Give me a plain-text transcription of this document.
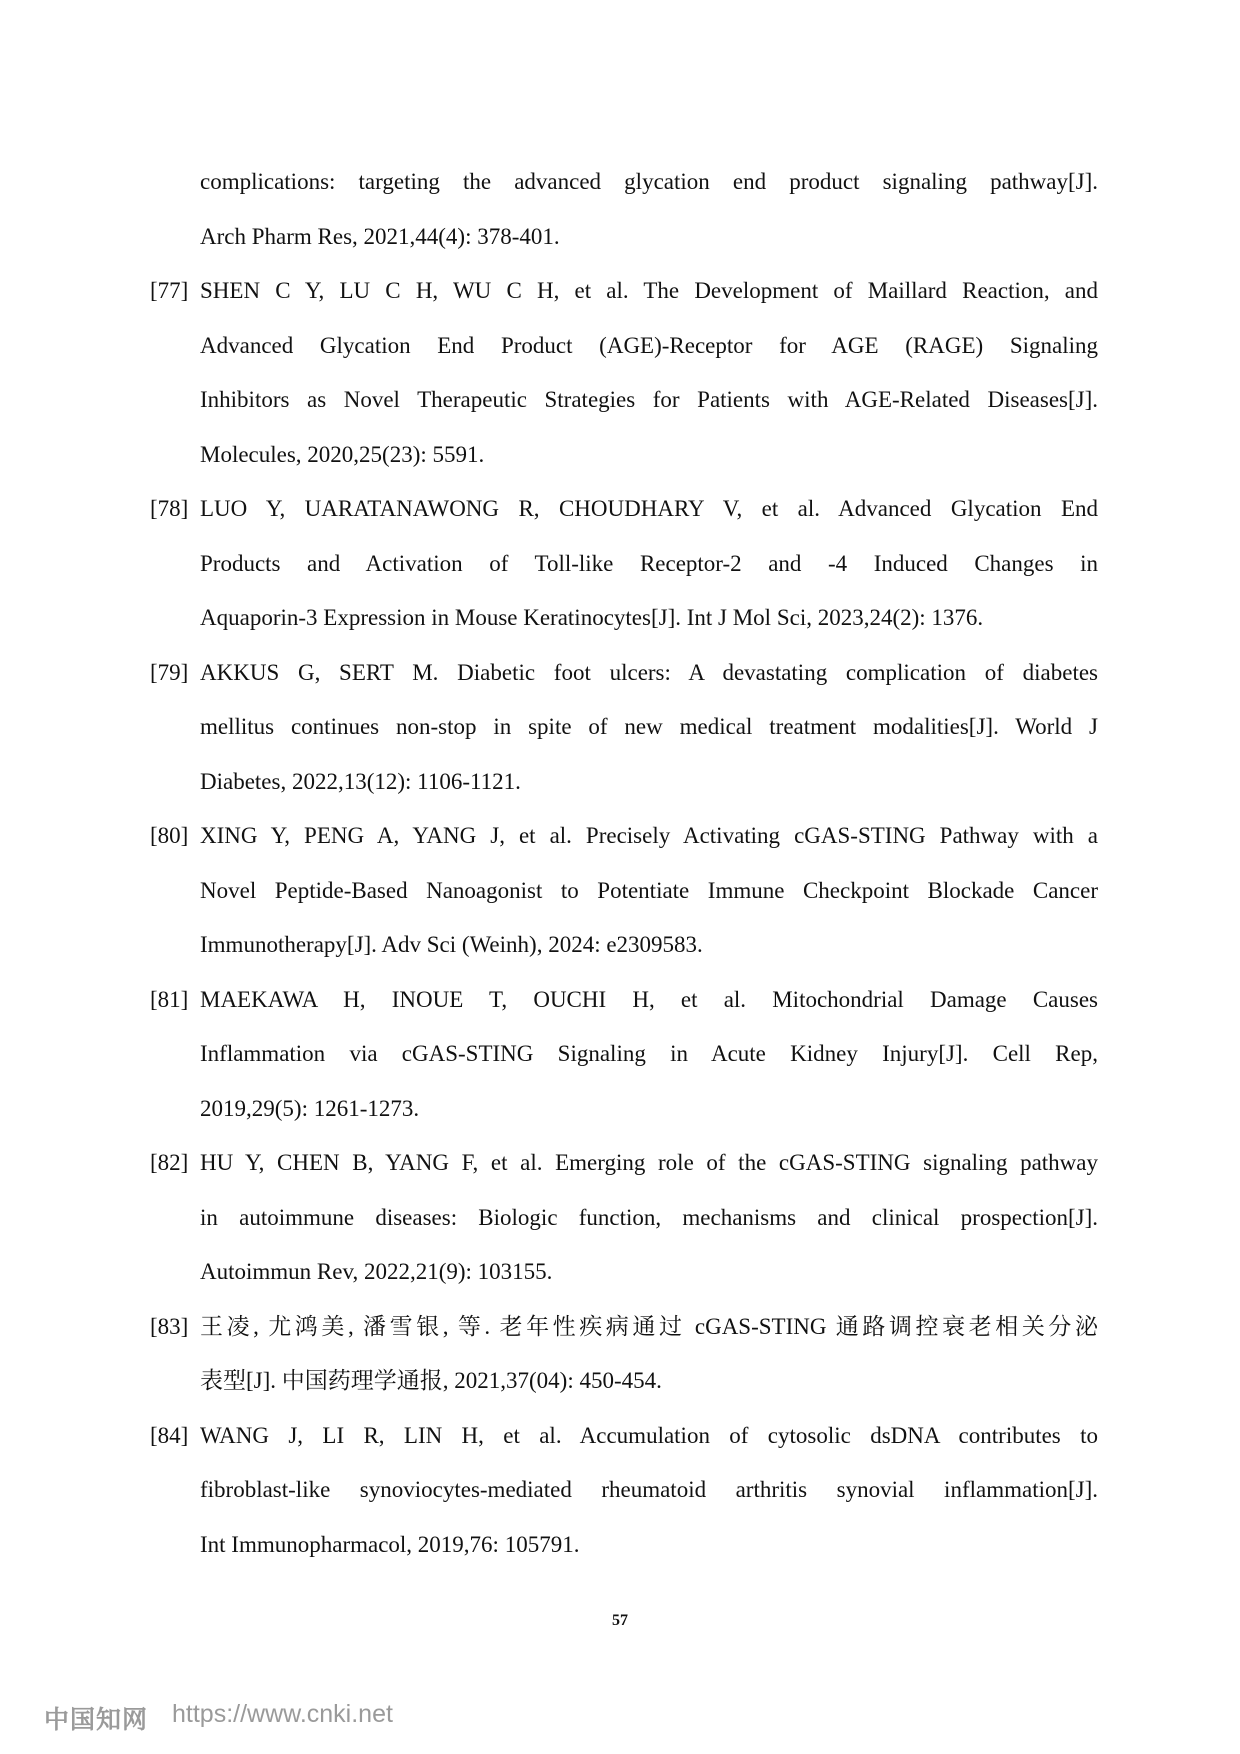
complications: targeting the advanced glycation end product signaling pathway[J].
Arch Pharm Res, 2021,44(4): 378-401.
[77] SHEN C Y, LU C H, WU C H, et al. The Development of Maillard Reaction, and
Advanced Glycation End Product (AGE)-Receptor for AGE (RAGE) Signaling
Inhibitors as Novel Therapeutic Strategies for Patients with AGE-Related Diseases[J].
Molecules, 2020,25(23): 5591.
[78] LUO Y, UARATANAWONG R, CHOUDHARY V, et al. Advanced Glycation End
Products and Activation of Toll-like Receptor-2 and -4 Induced Changes in
Aquaporin-3 Expression in Mouse Keratinocytes[J]. Int J Mol Sci, 2023,24(2): 1376.
[79] AKKUS G, SERT M. Diabetic foot ulcers: A devastating complication of diabetes
mellitus continues non-stop in spite of new medical treatment modalities[J]. World J
Diabetes, 2022,13(12): 1106-1121.
[80] XING Y, PENG A, YANG J, et al. Precisely Activating cGAS-STING Pathway with a
Novel Peptide-Based Nanoagonist to Potentiate Immune Checkpoint Blockade Cancer
Immunotherapy[J]. Adv Sci (Weinh), 2024: e2309583.
[81] MAEKAWA H, INOUE T, OUCHI H, et al. Mitochondrial Damage Causes
Inflammation via cGAS-STING Signaling in Acute Kidney Injury[J]. Cell Rep,
2019,29(5): 1261-1273.
[82] HU Y, CHEN B, YANG F, et al. Emerging role of the cGAS-STING signaling pathway
in autoimmune diseases: Biologic function, mechanisms and clinical prospection[J].
Autoimmun Rev, 2022,21(9): 103155.
[83] 王凌, 尤鸿美, 潘雪银, 等. 老年性疾病通过 cGAS-STING 通路调控衰老相关分泌
表型[J]. 中国药理学通报, 2021,37(04): 450-454.
[84] WANG J, LI R, LIN H, et al. Accumulation of cytosolic dsDNA contributes to
fibroblast-like synoviocytes-mediated rheumatoid arthritis synovial inflammation[J].
Int Immunopharmacol, 2019,76: 105791.
57
中国知网 https://www.cnki.net
